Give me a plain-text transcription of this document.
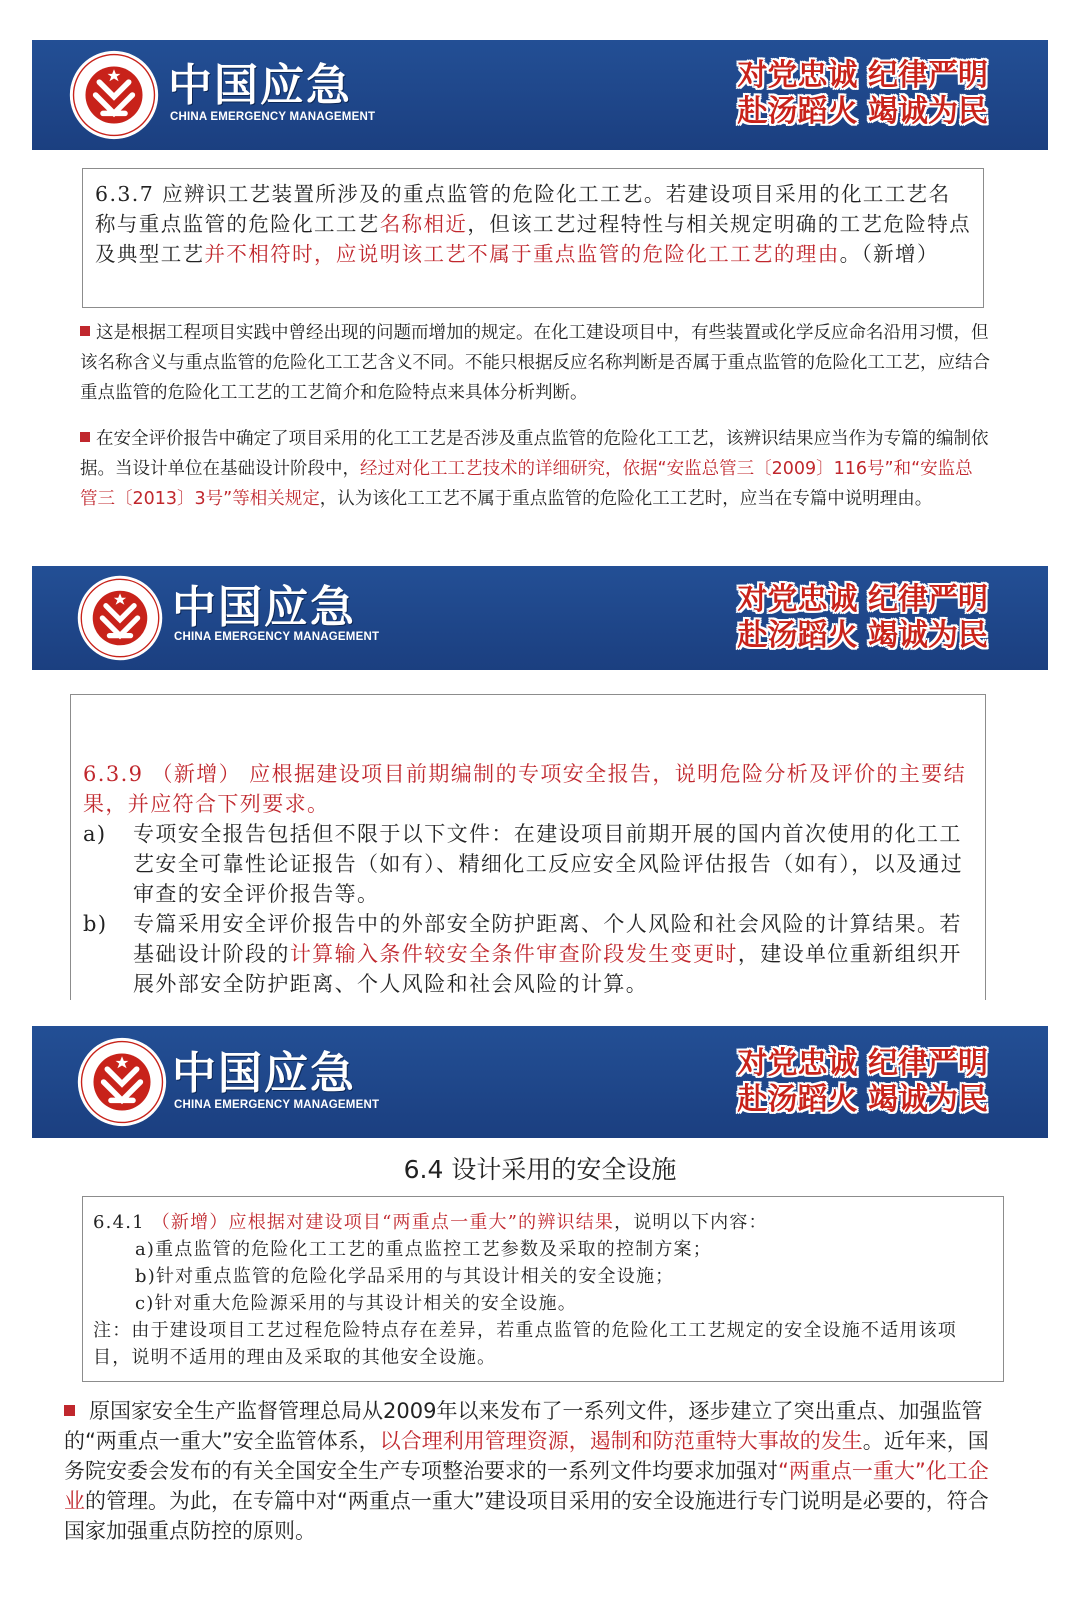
中国应急
CHINA EMERGENCY MANAGEMENT
对党忠诚 纪律严明
赴汤蹈火 竭诚为民
6.3.7 应辨识工艺装置所涉及的重点监管的危险化工工艺。若建设项目采用的化工工艺名称与重点监管的危险化工工艺名称相近，但该工艺过程特性与相关规定明确的工艺危险特点及典型工艺并不相符时，应说明该工艺不属于重点监管的危险化工工艺的理由。（新增）
这是根据工程项目实践中曾经出现的问题而增加的规定。在化工建设项目中，有些装置或化学反应命名沿用习惯，但该名称含义与重点监管的危险化工工艺含义不同。不能只根据反应名称判断是否属于重点监管的危险化工工艺，应结合重点监管的危险化工工艺的工艺简介和危险特点来具体分析判断。
在安全评价报告中确定了项目采用的化工工艺是否涉及重点监管的危险化工工艺，该辨识结果应当作为专篇的编制依据。当设计单位在基础设计阶段中，经过对化工工艺技术的详细研究，依据“安监总管三〔2009〕116号”和“安监总管三〔2013〕3号”等相关规定，认为该化工工艺不属于重点监管的危险化工工艺时，应当在专篇中说明理由。
中国应急
CHINA EMERGENCY MANAGEMENT
对党忠诚 纪律严明
赴汤蹈火 竭诚为民
6.3.9 （新增） 应根据建设项目前期编制的专项安全报告，说明危险分析及评价的主要结果，并应符合下列要求。
a) 专项安全报告包括但不限于以下文件：在建设项目前期开展的国内首次使用的化工工艺安全可靠性论证报告（如有）、精细化工反应安全风险评估报告（如有），以及通过审查的安全评价报告等。
b) 专篇采用安全评价报告中的外部安全防护距离、个人风险和社会风险的计算结果。若基础设计阶段的计算输入条件较安全条件审查阶段发生变更时，建设单位重新组织开展外部安全防护距离、个人风险和社会风险的计算。
中国应急
CHINA EMERGENCY MANAGEMENT
对党忠诚 纪律严明
赴汤蹈火 竭诚为民
6.4 设计采用的安全设施
6.4.1 （新增）应根据对建设项目“两重点一重大”的辨识结果，说明以下内容：
a)重点监管的危险化工工艺的重点监控工艺参数及采取的控制方案；
b)针对重点监管的危险化学品采用的与其设计相关的安全设施；
c)针对重大危险源采用的与其设计相关的安全设施。
注：由于建设项目工艺过程危险特点存在差异，若重点监管的危险化工工艺规定的安全设施不适用该项目，说明不适用的理由及采取的其他安全设施。
原国家安全生产监督管理总局从2009年以来发布了一系列文件，逐步建立了突出重点、加强监管的“两重点一重大”安全监管体系，以合理利用管理资源，遏制和防范重特大事故的发生。近年来，国务院安委会发布的有关全国安全生产专项整治要求的一系列文件均要求加强对“两重点一重大”化工企业的管理。为此，在专篇中对“两重点一重大”建设项目采用的安全设施进行专门说明是必要的，符合国家加强重点防控的原则。
